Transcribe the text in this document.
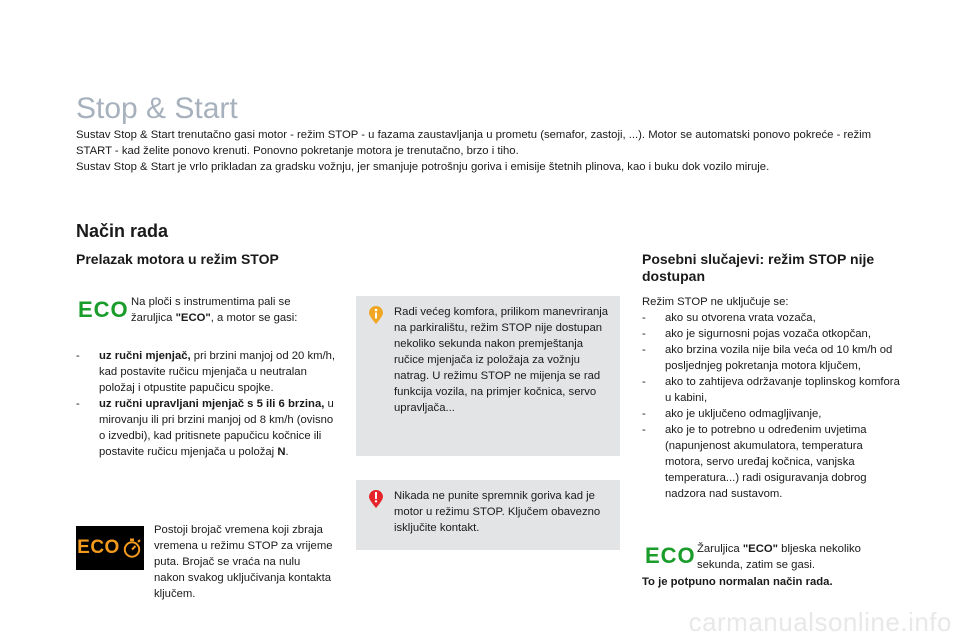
Stop & Start

Sustav Stop & Start trenutačno gasi motor - režim STOP - u fazama zaustavljanja u prometu (semafor, zastoji, ...). Motor se automatski ponovo pokreće - režim START - kad želite ponovo krenuti. Ponovno pokretanje motora je trenutačno, brzo i tiho.

Sustav Stop & Start je vrlo prikladan za gradsku vožnju, jer smanjuje potrošnju goriva i emisije štetnih plinova, kao i buku dok vozilo miruje.

Način rada
Prelazak motora u režim STOP
ECO Na ploči s instrumentima pali se žaruljica "ECO", a motor se gasi:
- uz ručni mjenjač, pri brzini manjoj od 20 km/h, kad postavite ručicu mjenjača u neutralan položaj i otpustite papučicu spojke.
- uz ručni upravljani mjenjač s 5 ili 6 brzina, u mirovanju ili pri brzini manjoj od 8 km/h (ovisno o izvedbi), kad pritisnete papučicu kočnice ili postavite ručicu mjenjača u položaj N.
ECO
Postoji brojač vremena koji zbraja vremena u režimu STOP za vrijeme puta. Brojač se vraća na nulu nakon svakog uključivanja kontakta ključem.
Radi većeg komfora, prilikom manevriranja na parkiralištu, režim STOP nije dostupan nekoliko sekunda nakon premještanja ručice mjenjača iz položaja za vožnju natrag. U režimu STOP ne mijenja se rad funkcija vozila, na primjer kočnica, servo upravljača...
Nikada ne punite spremnik goriva kad je motor u režimu STOP. Ključem obavezno isključite kontakt.
Posebni slučajevi: režim STOP nije dostupan
Režim STOP ne uključuje se:
- ako su otvorena vrata vozača,
- ako je sigurnosni pojas vozača otkopčan,
- ako brzina vozila nije bila veća od 10 km/h od posljednjeg pokretanja motora ključem,
- ako to zahtijeva održavanje toplinskog komfora u kabini,
- ako je uključeno odmagljivanje,
- ako je to potrebno u određenim uvjetima (napunjenost akumulatora, temperatura motora, servo uređaj kočnica, vanjska temperatura...) radi osiguravanja dobrog nadzora nad sustavom.
ECO Žaruljica "ECO" bljeska nekoliko sekunda, zatim se gasi.
To je potpuno normalan način rada.
carmanualsonline.info
